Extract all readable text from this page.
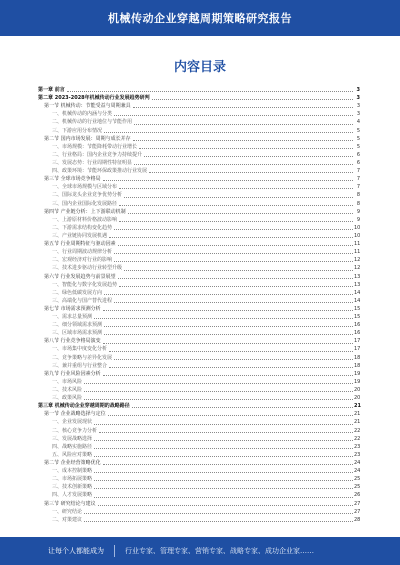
机械传动企业穿越周期策略研究报告
内容目录
第一章 前言	3
第二章 2023-2028年机械传动行业发展趋势研判	3
第一节 机械传动：节能受益与周期兼具	3
一、机械传动的内涵与分类	3
二、机械传动的行业地位与节能作用	4
三、下游应用分布情况	5
第二节 国内市场发展：周期与成长并存	5
一、市场规模：节能降耗带动行业增长	5
二、行业格局：国内企业竞争力持续提升	6
三、发展态势：行业周期性特征明显	6
四、政策环境：节能环保政策推动行业发展	7
第三节 全球市场竞争格局	7
一、全球市场规模与区域分布	7
二、国际龙头企业竞争优势分析	8
三、国内企业国际化发展路径	8
第四节 产业链分析：上下游联动机制	9
一、上游原材料价格波动影响	9
二、下游需求结构变化趋势	10
三、产业链协同发展机遇	10
第五节 行业周期特征与驱动因素	11
一、行业周期波动规律分析	11
二、宏观经济对行业的影响	12
三、技术进步驱动行业转型升级	12
第六节 行业发展趋势与前景展望	13
一、智能化与数字化发展趋势	13
二、绿色低碳发展方向	14
三、高端化与国产替代进程	14
第七节 市场需求预测分析	15
一、需求总量预测	15
二、细分领域需求预测	16
三、区域市场需求预测	16
第八节 行业竞争格局演变	17
一、市场集中度变化分析	17
二、竞争策略与差异化发展	18
三、兼并重组与行业整合	18
第九节 行业风险因素分析	19
一、市场风险	19
二、技术风险	20
三、政策风险	20
第三章 机械传动企业穿越周期的战略路径	21
第一节 企业战略选择与定位	21
一、企业发展现状	21
二、核心竞争力分析	22
三、发展战略选择	22
四、战略实施路径	23
五、风险应对策略	23
第二节 企业经营策略优化	24
一、成本控制策略	24
二、市场拓展策略	25
三、技术创新策略	25
四、人才发展策略	26
第三节 研究结论与建议	27
一、研究结论	27
二、对策建议	28
让每个人都能成为	行业专家、管理专家、营销专家、战略专家、成功企业家……
